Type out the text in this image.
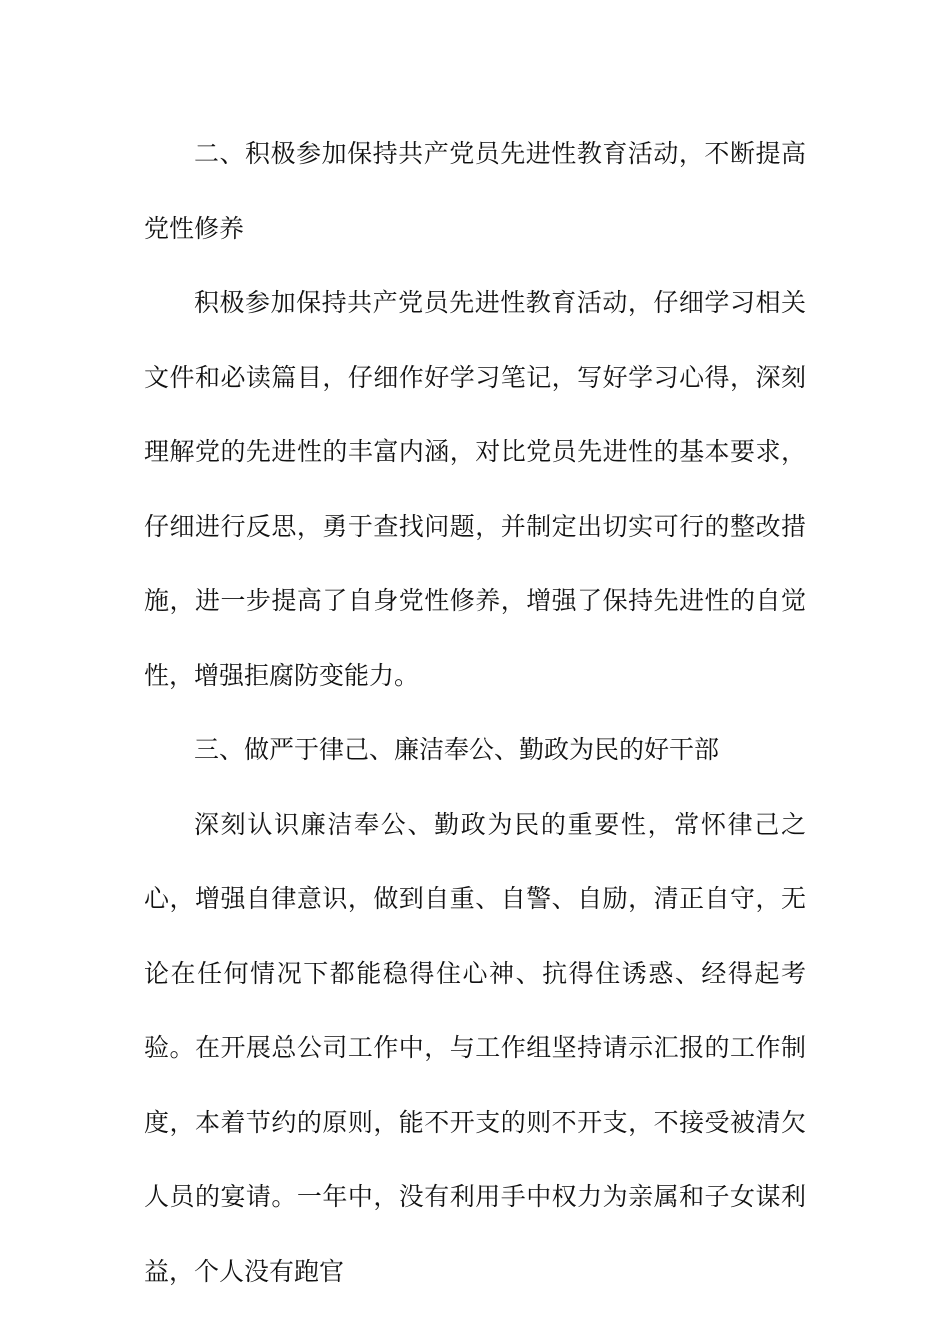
二、积极参加保持共产党员先进性教育活动，不断提高党性修养

积极参加保持共产党员先进性教育活动，仔细学习相关文件和必读篇目，仔细作好学习笔记，写好学习心得，深刻理解党的先进性的丰富内涵，对比党员先进性的基本要求，仔细进行反思，勇于查找问题，并制定出切实可行的整改措施，进一步提高了自身党性修养，增强了保持先进性的自觉性，增强拒腐防变能力。

三、做严于律己、廉洁奉公、勤政为民的好干部

深刻认识廉洁奉公、勤政为民的重要性，常怀律己之心，增强自律意识，做到自重、自警、自励，清正自守，无论在任何情况下都能稳得住心神、抗得住诱惑、经得起考验。在开展总公司工作中，与工作组坚持请示汇报的工作制度，本着节约的原则，能不开支的则不开支，不接受被清欠人员的宴请。一年中，没有利用手中权力为亲属和子女谋利益，个人没有跑官
